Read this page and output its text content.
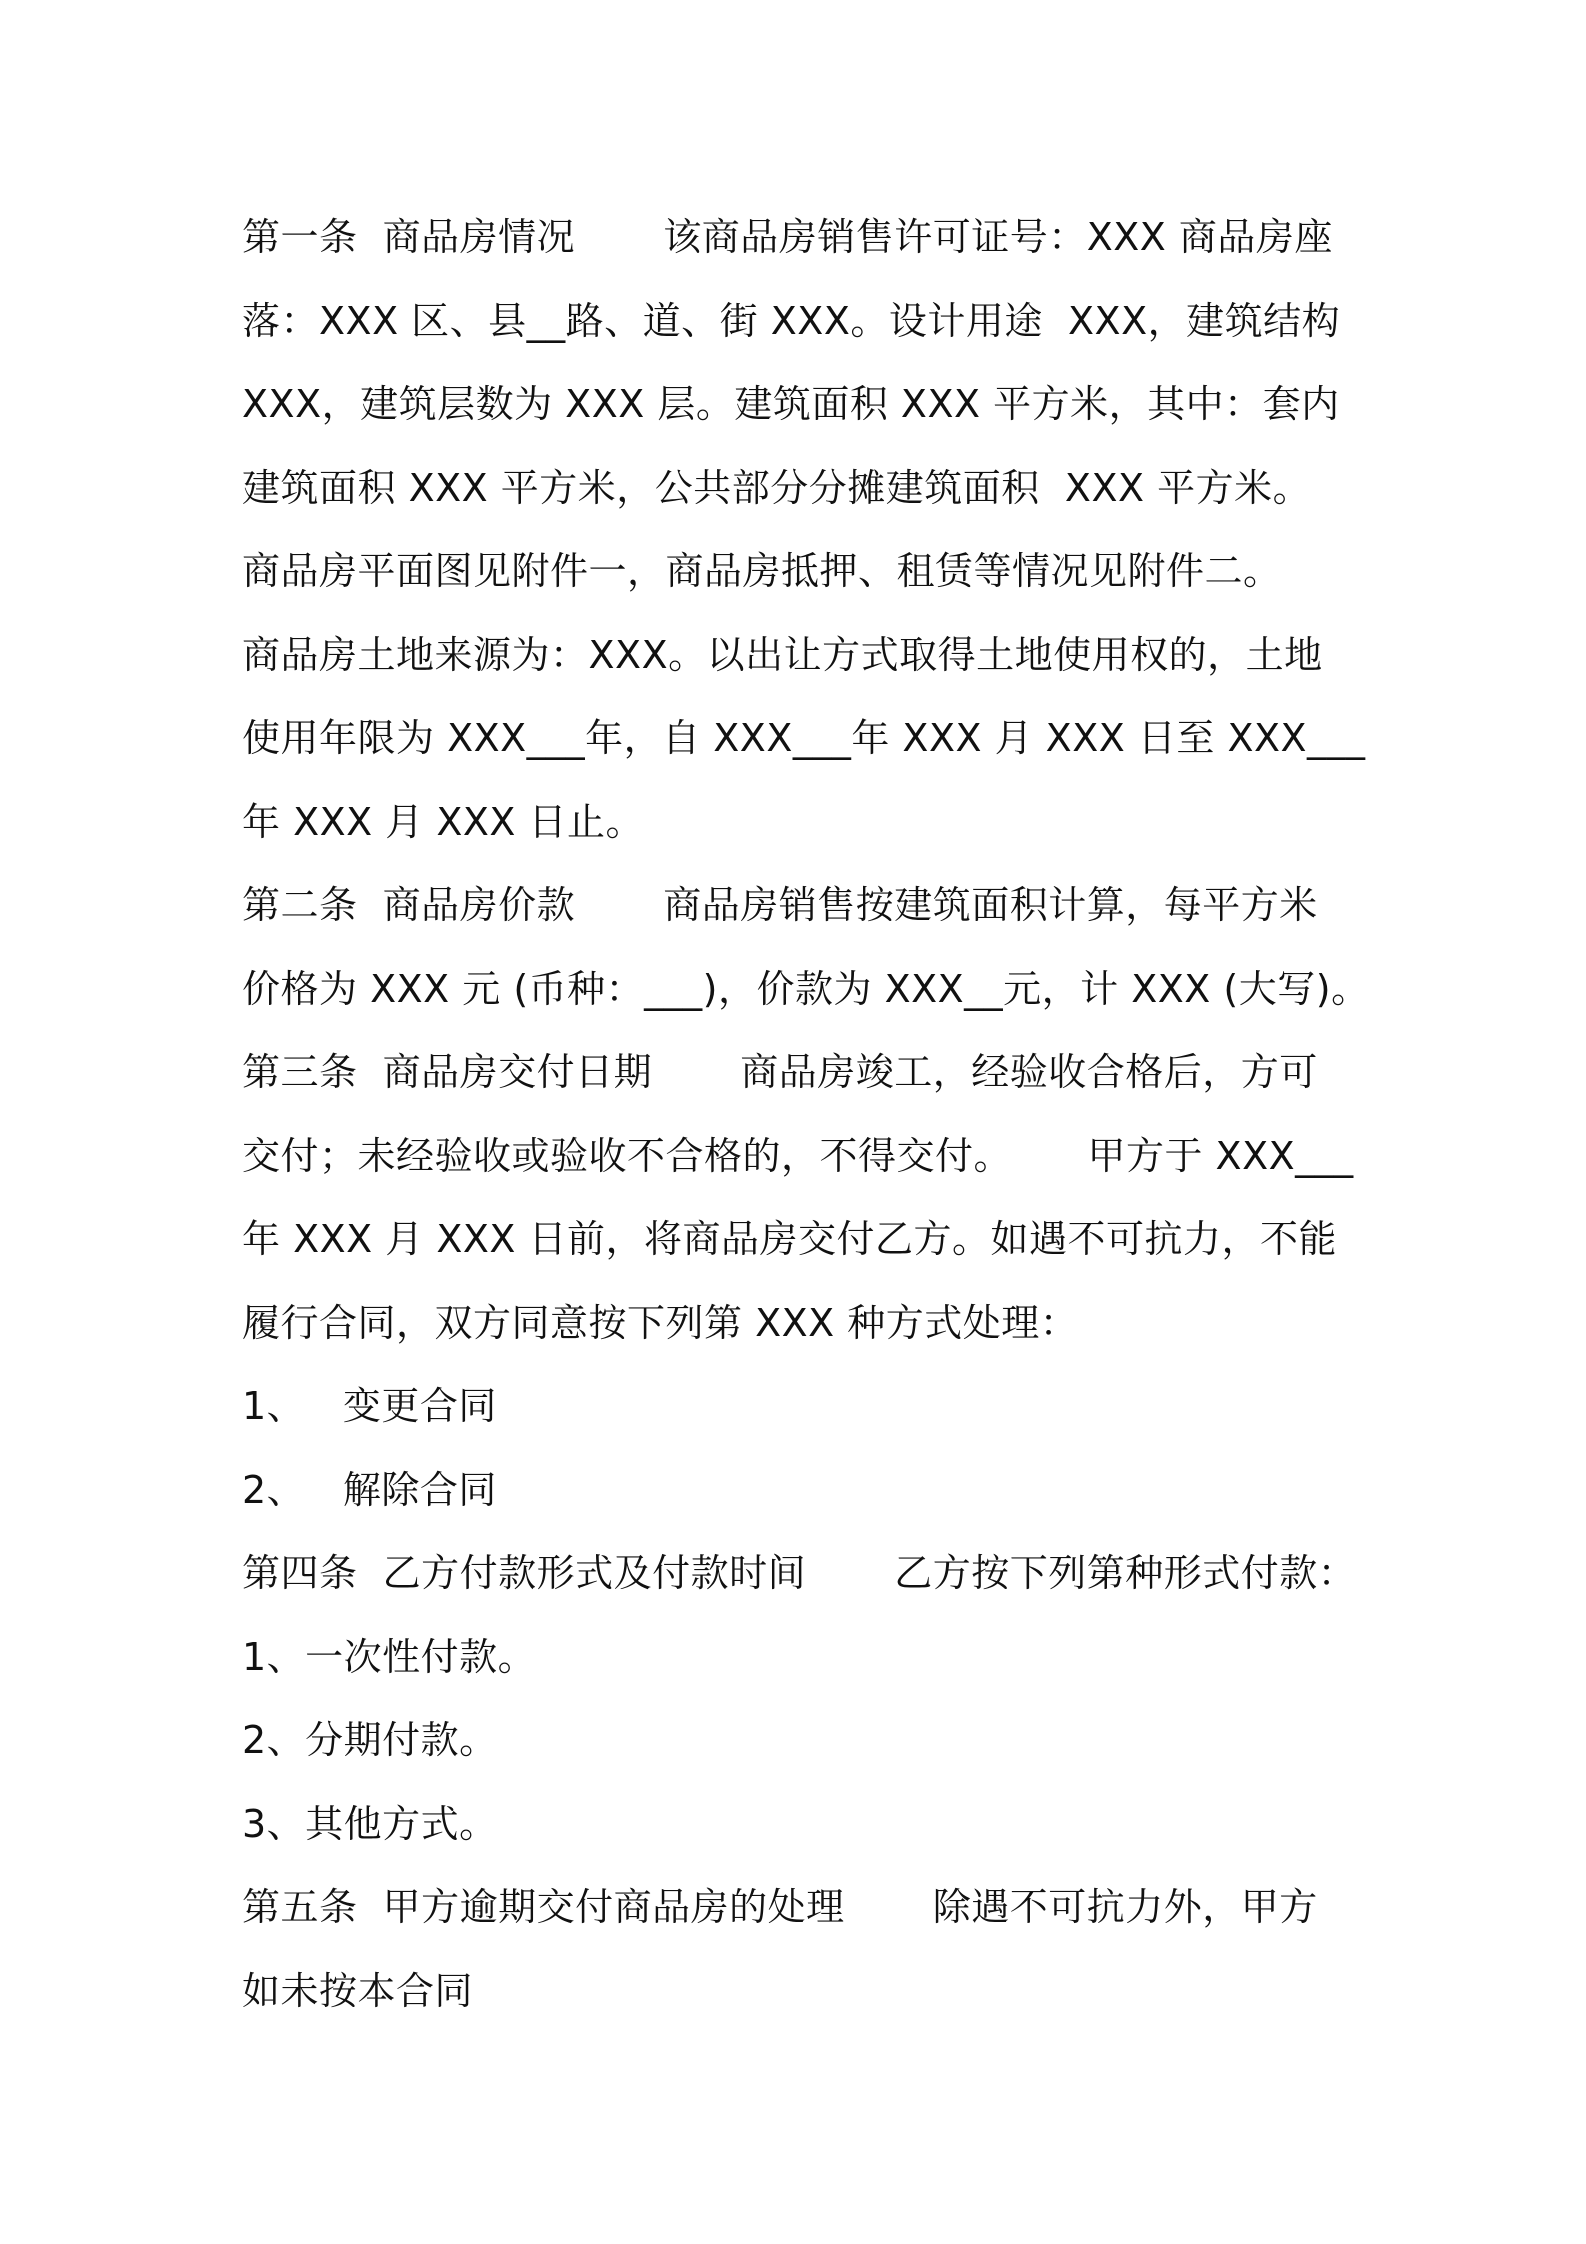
第一条  商品房情况       该商品房销售许可证号：XXX 商品房座
落：XXX 区、县__路、道、街 XXX。设计用途  XXX，建筑结构
XXX，建筑层数为 XXX 层。建筑面积 XXX 平方米，其中：套内
建筑面积 XXX 平方米，公共部分分摊建筑面积  XXX 平方米。
商品房平面图见附件一，商品房抵押、租赁等情况见附件二。
商品房土地来源为：XXX。以出让方式取得土地使用权的，土地
使用年限为 XXX___年，自 XXX___年 XXX 月 XXX 日至 XXX___
年 XXX 月 XXX 日止。
第二条  商品房价款       商品房销售按建筑面积计算，每平方米
价格为 XXX 元 (币种：___)，价款为 XXX__元，计 XXX (大写)。
第三条  商品房交付日期       商品房竣工，经验收合格后，方可
交付；未经验收或验收不合格的，不得交付。      甲方于 XXX___
年 XXX 月 XXX 日前，将商品房交付乙方。如遇不可抗力，不能
履行合同，双方同意按下列第 XXX 种方式处理：
1、   变更合同
2、   解除合同
第四条  乙方付款形式及付款时间       乙方按下列第种形式付款：
1、一次性付款。
2、分期付款。
3、其他方式。
第五条  甲方逾期交付商品房的处理       除遇不可抗力外，甲方
如未按本合同
